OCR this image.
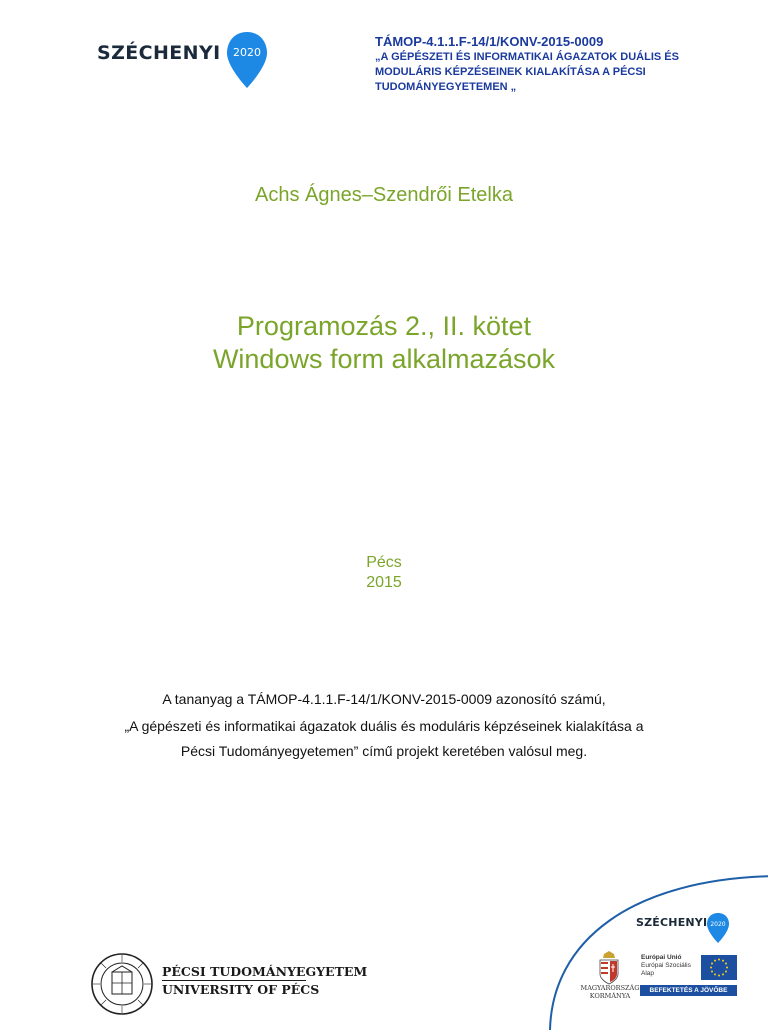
SZÉCHENYI 2020
TÁMOP-4.1.1.F-14/1/KONV-2015-0009
„A GÉPÉSZETI ÉS INFORMATIKAI ÁGAZATOK DUÁLIS ÉS
MODULÁRIS KÉPZÉSEINEK KIALAKÍTÁSA A PÉCSI
TUDOMÁNYEGYETEMEN „
Achs Ágnes–Szendrői Etelka
Programozás 2., II. kötet
Windows form alkalmazások
Pécs
2015
A tananyag a TÁMOP-4.1.1.F-14/1/KONV-2015-0009 azonosító számú,
„A gépészeti és informatikai ágazatok duális és moduláris képzéseinek kialakítása a
Pécsi Tudományegyetemen” című projekt keretében valósul meg.
PÉCSI TUDOMÁNYEGYETEM
UNIVERSITY OF PÉCS
SZÉCHENYI 2020
MAGYARORSZÁG
KORMÁNYA
Európai Unió
Európai Szociális
Alap
BEFEKTETÉS A JÖVŐBE
